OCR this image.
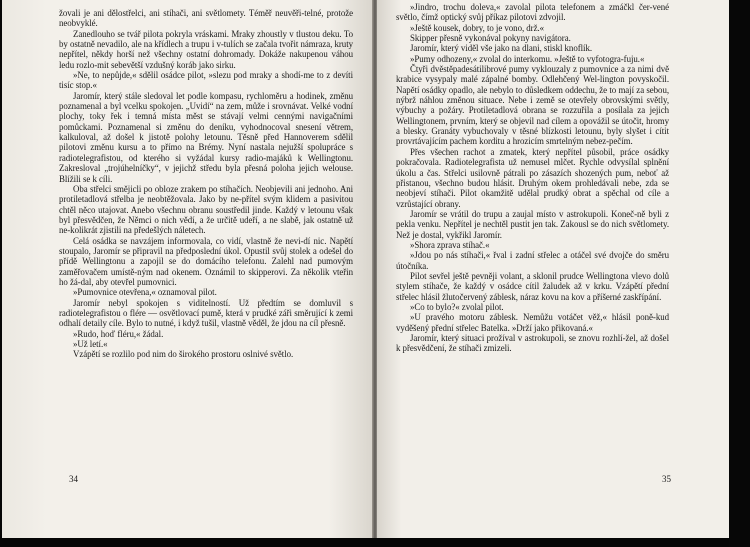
žovali je ani dělostřelci, ani stíhači, ani světlomety. Téměř neuvěři-telné, protože neobvyklé.

Zanedlouho se tvář pilota pokryla vráskami. Mraky zhoustly v tlustou deku. To by ostatně nevadilo, ale na křídlech a trupu i v-tulích se začala tvořit námraza, kruty nepřítel, někdy horší než všechny ostatní dohromady. Dokáže nakupenou váhou ledu rozlo-mit sebevětší vzdušný koráb jako sirku.

»Ne, to nepůjde,« sdělil osádce pilot, »slezu pod mraky a shodí-me to z devíti tisíc stop.«

Jaromír, který stále sledoval let podle kompasu, rychloměru a hodinek, změnu poznamenal a byl vcelku spokojen. „Uvidí“ na zem, může i srovnávat. Velké vodní plochy, toky řek i temná místa měst se stávají velmi cennými navigačními pomůckami. Poznamenal si změnu do deníku, vyhodnocoval snesení větrem, kalkuloval, až došel k jistotě polohy letounu. Těsně před Hannoverem sdělil pilotovi změnu kursu a to přímo na Brémy. Nyní nastala nejužší spolupráce s radiotelegrafistou, od kterého si vyžádal kursy radio-majáků k Wellingtonu. Zakresloval „trojúhelníčky“, v jejichž středu byla přesná poloha jejich welouse. Blížili se k cíli.

Oba střelci smějicli po obloze zrakem po stíhačích. Neobjevili ani jednoho. Ani protiletadlová střelba je neobtěžovala. Jako by ne-přítel svým klidem a pasivitou chtěl něco utajovat. Anebo všechnu obranu soustředil jinde. Každý v letounu však byl přesvědčen, že Němci o nich vědí, a že určitě udeří, a ne slabě, jak ostatně už ne-kolikrát zjistili na předešlých náletech.

Celá osádka se navzájem informovala, co vidí, vlastně že nevi-dí nic. Napětí stoupalo, Jaromír se připravil na předposlední úkol. Opustil svůj stolek a odešel do přídě Wellingtonu a zapojil se do domácího telefonu. Zalehl nad pumovým zaměřovačem umístě-ným nad okenem. Oznámil to skipperovi. Za několik vteřin ho žá-dal, aby otevřel pumovnici.

»Pumovnice otevřena,« oznamoval pilot.

Jaromír nebyl spokojen s viditelností. Už předtím se domluvil s radiotelegrafistou o flére — osvětlovací pumě, která v prudké záři směrující k zemi odhalí detaily cíle. Bylo to nutné, i když tušil, vlastně věděl, že jdou na cíl přesně.

»Rudo, hoď fléru,« žádal.

»Už letí.«

Vzápětí se rozlilo pod nim do širokého prostoru oslnivé světlo.

34

»Jindro, trochu doleva,« zavolal pilota telefonem a zmáčkl čer-vené světlo, čímž optický svůj příkaz pilotovi zdvojil.

»Ještě kousek, dobry, to je vono, drž.«

Skipper přesně vykonával pokyny navigátora.

Jaromír, který viděl vše jako na dlani, stiskl knoflík.

»Pumy odhozeny,« zvolal do interkomu. »Ještě to vyfotogra-fuju.«

Čtyři dvěstěpadesátilibrové pumy vyklouzaly z pumovnice a za nimi dvě krabice vysypaly malé zápalné bomby. Odlehčený Wel-lington povyskočil. Napětí osádky opadlo, ale nebylo to důsledkem oddechu, že to mají za sebou, nýbrž náhlou změnou situace. Nebe i země se otevřely obrovskými světly, výbuchy a požáry. Protiletadlová obrana se rozzuřila a posílala za jejich Wellingtonem, prvním, který se objevil nad cílem a opovážil se útočit, hromy a blesky. Granáty vybuchovaly v těsné blízkosti letounu, byly slyšet i cítit provrtávajícím pachem korditu a hrozicím smrtelným nebez-pečím.

Přes všechen rachot a zmatek, který nepřítel působil, práce osádky pokračovala. Radiotelegrafista už nemusel mlčet. Rychle odvysílal splnění úkolu a čas. Střelci usilovně pátrali po zásazích shozených pum, neboť až přistanou, všechno budou hlásit. Druhým okem prohledávali nebe, zda se neobjeví stíhači. Pilot okamžitě udělal prudký obrat a spěchal od cíle a vzrůstající obrany.

Jaromír se vrátil do trupu a zaujal místo v astrokupoli. Koneč-ně byli z pekla venku. Nepřítel je nechtěl pustit jen tak. Zakousl se do nich světlomety. Než je dostal, vykřikl Jaromír.

»Shora zprava stíhač.«

»Jdou po nás stíhači,« řval i zadní střelec a otáčel své dvojče do směru útočníka.

Pilot sevřel ještě pevněji volant, a sklonil prudce Wellingtona vlevo dolů stylem stíhače, že každý v osádce cítil žaludek až v krku. Vzápětí přední střelec hlásil žlutočervený záblesk, náraz kovu na kov a příšerné zaskřípání.

»Co to bylo?« zvolal pilot.

»U pravého motoru záblesk. Nemůžu votáčet věž,« hlásil poně-kud vyděšený přední střelec Batelka. »Drží jako přikovaná.«

Jaromír, který situaci prožíval v astrokupoli, se znovu rozhlí-žel, až došel k přesvědčení, že stíhači zmizeli.

35
